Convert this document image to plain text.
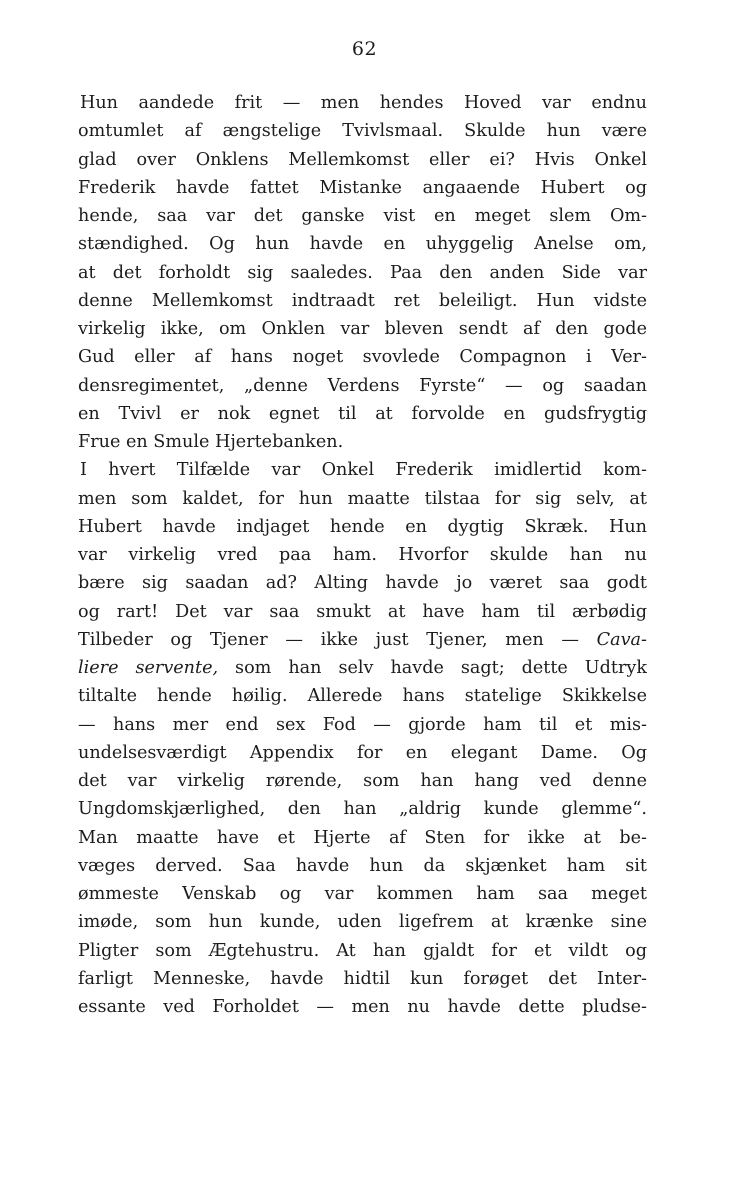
62
Hun aandede frit — men hendes Hoved var endnu
omtumlet af ængstelige Tvivlsmaal. Skulde hun være
glad over Onklens Mellemkomst eller ei? Hvis Onkel
Frederik havde fattet Mistanke angaaende Hubert og
hende, saa var det ganske vist en meget slem Om-
stændighed. Og hun havde en uhyggelig Anelse om,
at det forholdt sig saaledes. Paa den anden Side var
denne Mellemkomst indtraadt ret beleiligt. Hun vidste
virkelig ikke, om Onklen var bleven sendt af den gode
Gud eller af hans noget svovlede Compagnon i Ver-
densregimentet, „denne Verdens Fyrste“ — og saadan
en Tvivl er nok egnet til at forvolde en gudsfrygtig
Frue en Smule Hjertebanken.
I hvert Tilfælde var Onkel Frederik imidlertid kom-
men som kaldet, for hun maatte tilstaa for sig selv, at
Hubert havde indjaget hende en dygtig Skræk. Hun
var virkelig vred paa ham. Hvorfor skulde han nu
bære sig saadan ad? Alting havde jo været saa godt
og rart! Det var saa smukt at have ham til ærbødig
Tilbeder og Tjener — ikke just Tjener, men — Cava-
liere servente, som han selv havde sagt; dette Udtryk
tiltalte hende høilig. Allerede hans statelige Skikkelse
— hans mer end sex Fod — gjorde ham til et mis-
undelsesværdigt Appendix for en elegant Dame. Og
det var virkelig rørende, som han hang ved denne
Ungdomskjærlighed, den han „aldrig kunde glemme“.
Man maatte have et Hjerte af Sten for ikke at be-
væges derved. Saa havde hun da skjænket ham sit
ømmeste Venskab og var kommen ham saa meget
imøde, som hun kunde, uden ligefrem at krænke sine
Pligter som Ægtehustru. At han gjaldt for et vildt og
farligt Menneske, havde hidtil kun forøget det Inter-
essante ved Forholdet — men nu havde dette pludse-
